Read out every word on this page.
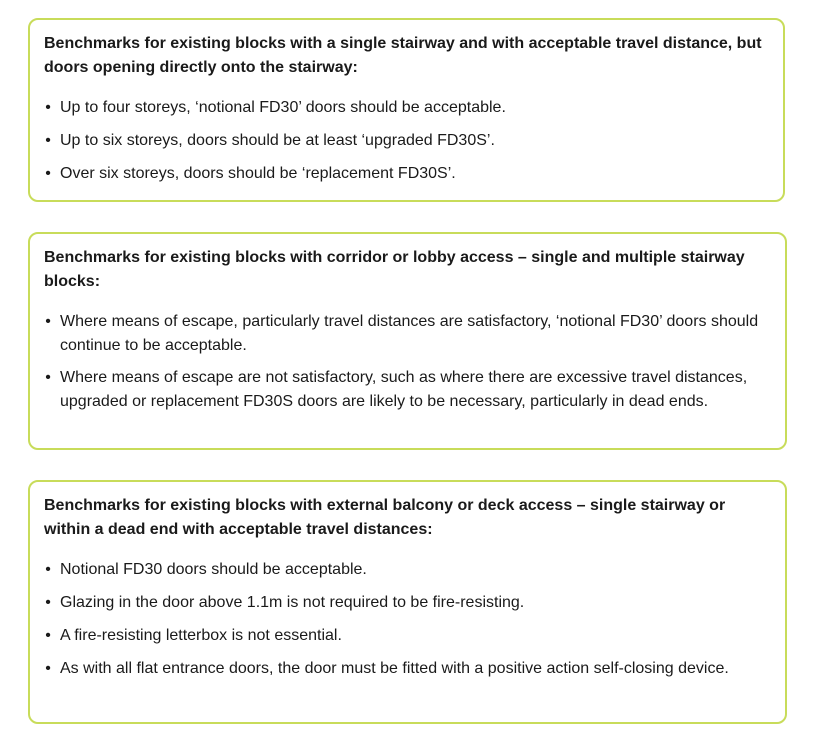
Benchmarks for existing blocks with a single stairway and with acceptable travel distance, but doors opening directly onto the stairway:

• Up to four storeys, ‘notional FD30’ doors should be acceptable.
• Up to six storeys, doors should be at least ‘upgraded FD30S’.
• Over six storeys, doors should be ‘replacement FD30S’.

Benchmarks for existing blocks with corridor or lobby access – single and multiple stairway blocks:

• Where means of escape, particularly travel distances are satisfactory, ‘notional FD30’ doors should continue to be acceptable.
• Where means of escape are not satisfactory, such as where there are excessive travel distances, upgraded or replacement FD30S doors are likely to be necessary, particularly in dead ends.

Benchmarks for existing blocks with external balcony or deck access – single stairway or within a dead end with acceptable travel distances:

• Notional FD30 doors should be acceptable.
• Glazing in the door above 1.1m is not required to be fire-resisting.
• A fire-resisting letterbox is not essential.
• As with all flat entrance doors, the door must be fitted with a positive action self-closing device.
